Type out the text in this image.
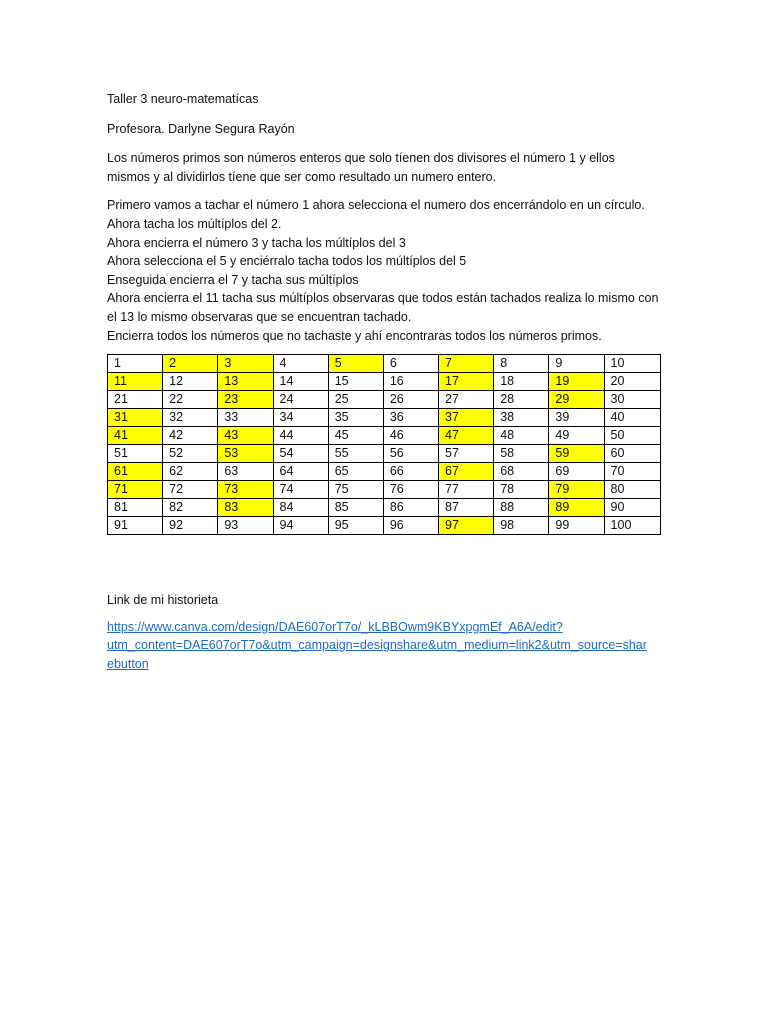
Taller 3 neuro-matematícas
Profesora. Darlyne Segura Rayón
Los números primos son números enteros que solo tíenen dos divisores el número 1 y ellos
mismos y al dividirlos tíene que ser como resultado un numero entero.
Primero vamos a tachar el número 1 ahora selecciona el numero dos encerrándolo en un círculo.
Ahora tacha los múltíplos del 2.
Ahora encierra el número 3 y tacha los múltíplos del 3
Ahora selecciona el 5 y enciérralo tacha todos los múltíplos del 5
Enseguida encierra el 7 y tacha sus múltíplos
Ahora encierra el 11 tacha sus múltíplos observaras que todos están tachados realiza lo mismo con
el 13 lo mismo observaras que se encuentran tachado.
Encierra todos los números que no tachaste y ahí encontraras todos los números primos.
1	2	3	4	5	6	7	8	9	10
11	12	13	14	15	16	17	18	19	20
21	22	23	24	25	26	27	28	29	30
31	32	33	34	35	36	37	38	39	40
41	42	43	44	45	46	47	48	49	50
51	52	53	54	55	56	57	58	59	60
61	62	63	64	65	66	67	68	69	70
71	72	73	74	75	76	77	78	79	80
81	82	83	84	85	86	87	88	89	90
91	92	93	94	95	96	97	98	99	100
Link de mi historieta
https://www.canva.com/design/DAE607orT7o/_kLBBOwm9KBYxpgmEf_A6A/edit?
utm_content=DAE607orT7o&utm_campaign=designshare&utm_medium=link2&utm_source=shar
ebutton
